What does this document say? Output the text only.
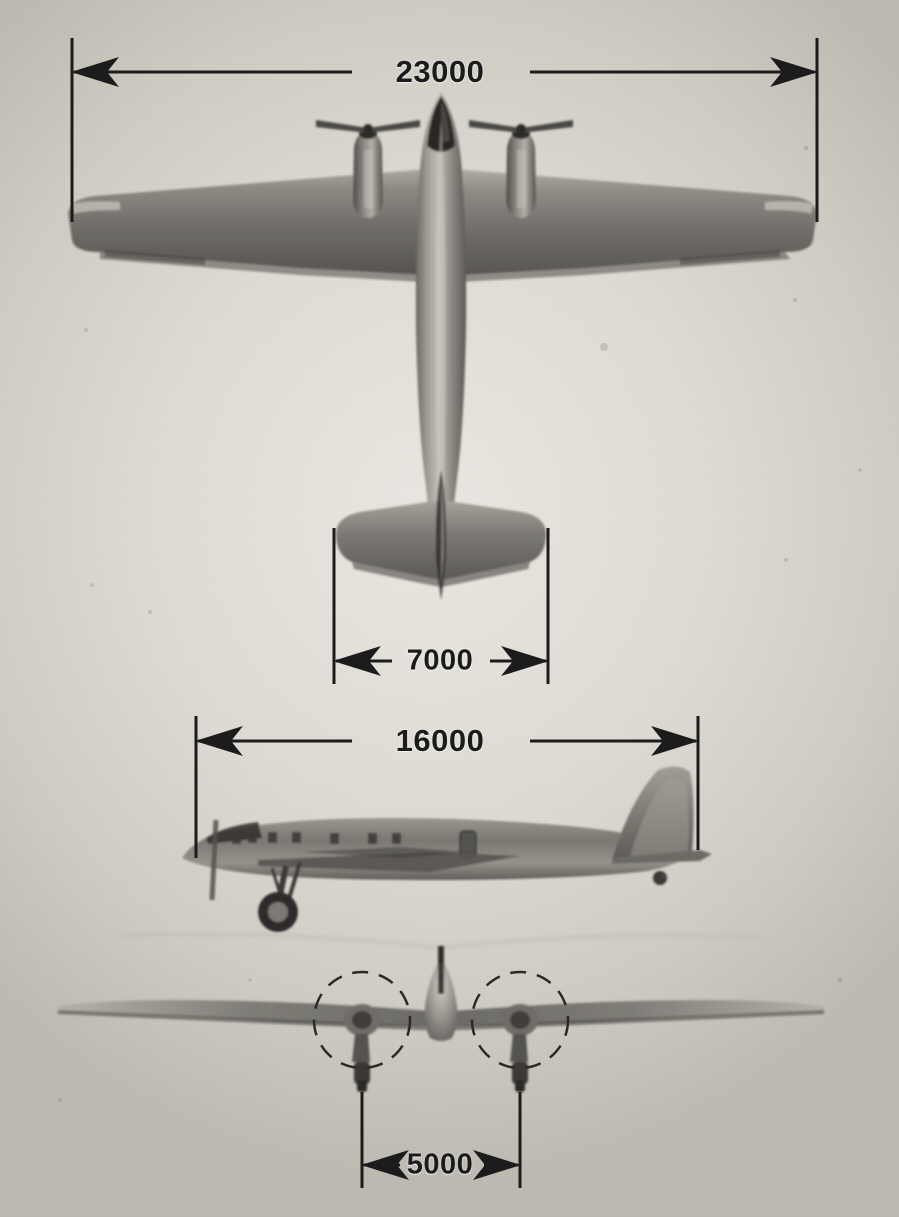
23000
7000
16000
5000
